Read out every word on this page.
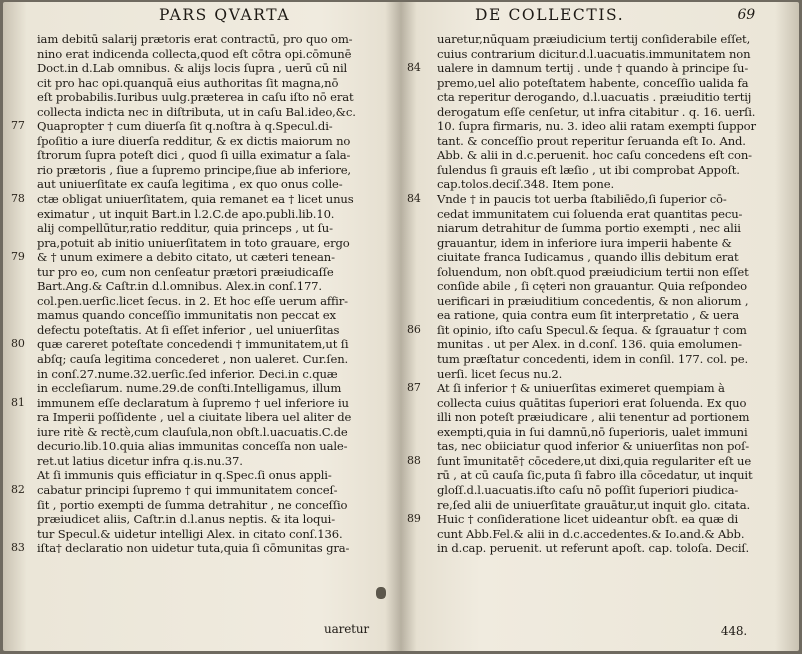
PARS QVARTA
iam debitū salarij prætoris erat contractū, pro quo om-
nino erat indicenda collecta,quod eſt cōtra opi.cōmunē
Doct.in d.Lab omnibus. & alijs locis ſupra , uerū cū nil
cit pro hac opi.quanquā eius authoritas ſit magna,nō
eſt probabilis.Iuribus uulg.præterea in caſu iſto nō erat
collecta indicta nec in diſtributa, ut in caſu Bal.ideo,&c.
77 Quapropter † cum diuerſa ſit q.noſtra à q.Specul.di-
ſpoſitio a iure diuerſa redditur, & ex dictis maiorum no
ſtrorum ſupra poteſt dici , quod ſi uilla eximatur a ſala-
rio prætoris , ſiue a ſupremo principe,ſiue ab inferiore,
aut uniuerſitate ex cauſa legitima , ex quo onus colle-
78 ctæ obligat uniuerſitatem, quia remanet ea † licet unus
eximatur , ut inquit Bart.in l.2.C.de apo.publi.lib.10.
alij compellūtur,ratio redditur, quia princeps , ut ſu-
pra,potuit ab initio uniuerſitatem in toto grauare, ergo
79 & † unum eximere a debito citato, ut cæteri tenean-
tur pro eo, cum non cenſeatur prætori præiudicaſſe
Bart.Ang.& Caſtr.in d.l.omnibus. Alex.in conſ.177.
col.pen.uerſic.licet ſecus. in 2. Et hoc eſſe uerum affir-
mamus quando conceſſio immunitatis non peccat ex
defectu poteſtatis. At ſi eſſet inferior , uel uniuerſitas
80 quæ careret poteſtate concedendi † immunitatem,ut ſi
abſq; cauſa legitima concederet , non ualeret. Cur.ſen.
in conſ.27.nume.32.uerſic.ſed inferior. Deci.in c.quæ
in eccleſiarum. nume.29.de conſti.Intelligamus, illum
81 immunem eſſe declaratum à ſupremo † uel inferiore iu
ra Imperii poſſidente , uel a ciuitate libera uel aliter de
iure ritè & rectè,cum clauſula,non obſt.l.uacuatis.C.de
decurio.lib.10.quia alias immunitas conceſſa non uale-
ret.ut latius dicetur infra q.is.nu.37.
At ſi immunis quis efficiatur in q.Spec.ſi onus appli-
82 cabatur principi ſupremo † qui immunitatem conceſ-
ſit , portio exempti de ſumma detrahitur , ne conceſſio
præiudicet aliis, Caſtr.in d.l.anus neptis. & ita loqui-
tur Specul.& uidetur intelligi Alex. in citato conſ.136.
83 iſta† declaratio non uidetur tuta,quia ſi cōmunitas gra-
uaretur
DE COLLECTIS.	69
uaretur,nūquam præiudicium tertij conſiderabile eſſet,
cuius contrarium dicitur.d.l.uacuatis.immunitatem non
84 ualere in damnum tertij . unde † quando à principe ſu-
premo,uel alio poteſtatem habente, conceſſio ualida fa
cta reperitur derogando, d.l.uacuatis . præiuditio tertij
derogatum eſſe cenſetur, ut infra citabitur . q. 16. uerſi.
10. ſupra firmaris, nu. 3. ideo alii ratam exempti ſuppor
tant. & conceſſio prout reperitur ſeruanda eſt Io. And.
Abb. & alii in d.c.peruenit. hoc caſu concedens eſt con-
ſulendus ſi grauis eſt læſio , ut ibi comprobat Appoſt.
cap.tolos.deciſ.348. Item pone.
84 Vnde † in paucis tot uerba ſtabiliēdo,ſi ſuperior cō-
cedat immunitatem cui ſoluenda erat quantitas pecu-
niarum detrahitur de ſumma portio exempti , nec alii
grauantur, idem in inferiore iura imperii habente &
ciuitate franca Iudicamus , quando illis debitum erat
ſoluendum, non obſt.quod præiudicium tertii non eſſet
conſide abile , ſi cęteri non grauantur. Quia reſpondeo
uerificari in præiuditium concedentis, & non aliorum ,
ea ratione, quia contra eum ſit interpretatio , & uera
86 ſit opinio, iſto caſu Specul.& ſequa. & ſgrauatur † com
munitas . ut per Alex. in d.conſ. 136. quia emolumen-
tum præſtatur concedenti, idem in conſil. 177. col. pe.
uerſi. licet ſecus nu.2.
87 At ſi inferior † & uniuerſitas eximeret quempiam à
collecta cuius quātitas ſuperiori erat ſoluenda. Ex quo
illi non poteſt præiudicare , alii tenentur ad portionem
exempti,quia in ſui damnū,nō ſuperioris, ualet immuni
tas, nec obiiciatur quod inferior & uniuerſitas non poſ-
88 ſunt īmunitatē† cōcedere,ut dixi,quia regulariter eſt ue
rū , at cū cauſa ſic,puta ſi fabro illa cōcedatur, ut inquit
gloſſ.d.l.uacuatis.iſto caſu nō poſſit ſuperiori piudica-
re,ſed alii de uniuerſitate grauātur,ut inquit glo. citata.
89 Huic † conſideratione licet uideantur obſt. ea quæ di
cunt Abb.Fel.& alii in d.c.accedentes.& Io.and.& Abb.
in d.cap. peruenit. ut referunt apoſt. cap. toloſa. Deciſ.
448.
